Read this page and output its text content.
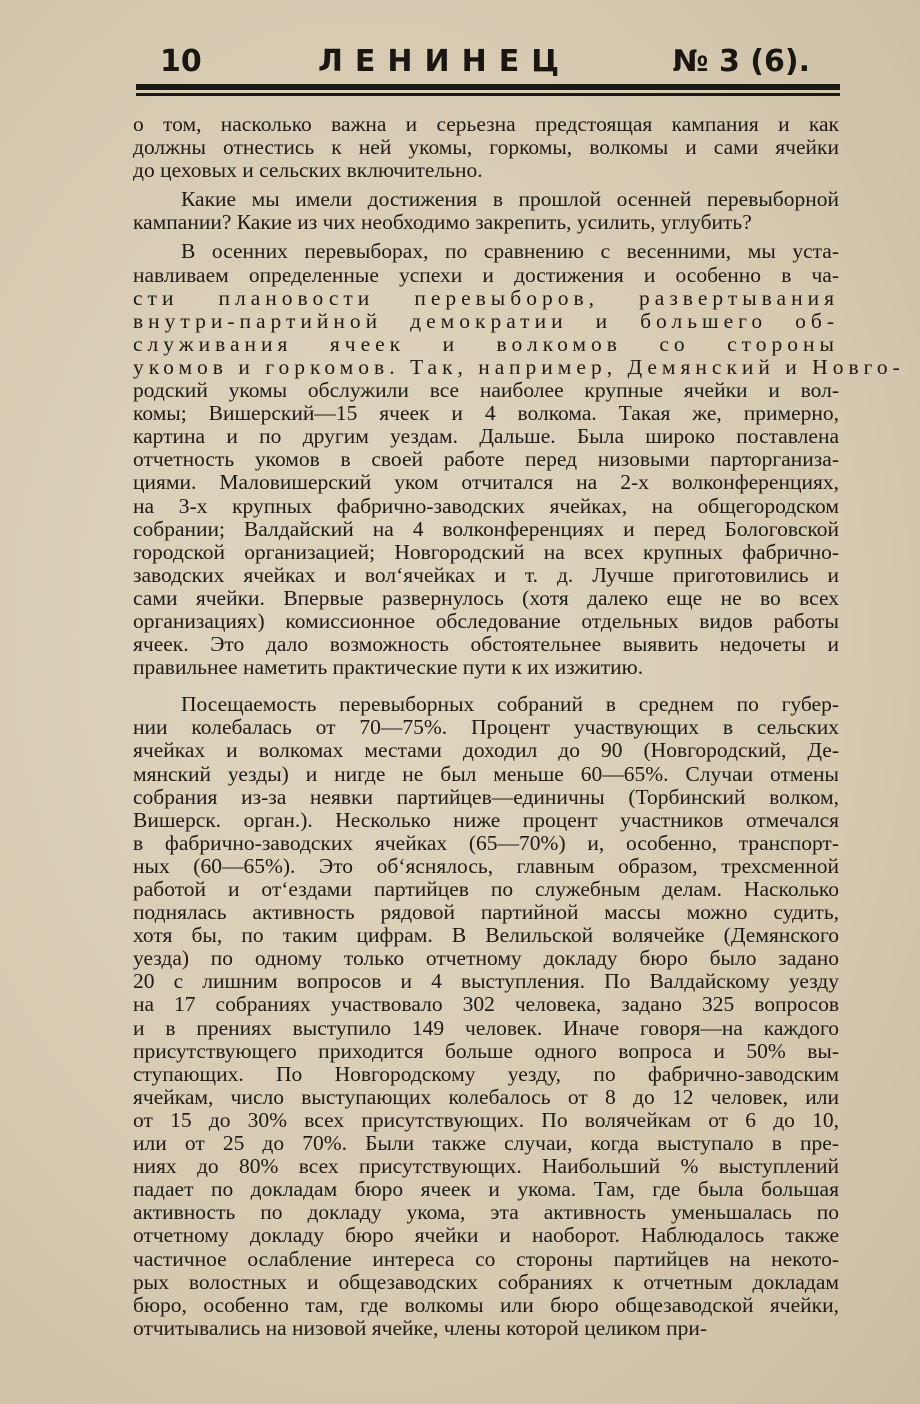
10	ЛЕНИНЕЦ	№ 3 (6).
о том, насколько важна и серьезна предстоящая кампания и как
должны отнестись к ней укомы, горкомы, волкомы и сами ячейки
до цеховых и сельских включительно.
Какие мы имели достижения в прошлой осенней перевыборной
кампании? Какие из чих необходимо закрепить, усилить, углубить?
В осенних перевыборах, по сравнению с весенними, мы уста-
навливаем определенные успехи и достижения и особенно в ча-
сти плановости перевыборов, развертывания
внутри-партийной демократии и большего об-
служивания ячеек и волкомов со стороны
укомов и горкомов. Так, например, Демянский и Новго-
родский укомы обслужили все наиболее крупные ячейки и вол-
комы; Вишерский—15 ячеек и 4 волкома. Такая же, примерно,
картина и по другим уездам. Дальше. Была широко поставлена
отчетность укомов в своей работе перед низовыми парторганиза-
циями. Маловишерский уком отчитался на 2-х волконференциях,
на 3-х крупных фабрично-заводских ячейках, на общегородском
собрании; Валдайский на 4 волконференциях и перед Бологовской
городской организацией; Новгородский на всех крупных фабрично-
заводских ячейках и вол‘ячейках и т. д. Лучше приготовились и
сами ячейки. Впервые развернулось (хотя далеко еще не во всех
организациях) комиссионное обследование отдельных видов работы
ячеек. Это дало возможность обстоятельнее выявить недочеты и
правильнее наметить практические пути к их изжитию.
Посещаемость перевыборных собраний в среднем по губер-
нии колебалась от 70—75%. Процент участвующих в сельских
ячейках и волкомах местами доходил до 90 (Новгородский, Де-
мянский уезды) и нигде не был меньше 60—65%. Случаи отмены
собрания из-за неявки партийцев—единичны (Торбинский волком,
Вишерск. орган.). Несколько ниже процент участников отмечался
в фабрично-заводских ячейках (65—70%) и, особенно, транспорт-
ных (60—65%). Это об‘яснялось, главным образом, трехсменной
работой и от‘ездами партийцев по служебным делам. Насколько
поднялась активность рядовой партийной массы можно судить,
хотя бы, по таким цифрам. В Велильской волячейке (Демянского
уезда) по одному только отчетному докладу бюро было задано
20 с лишним вопросов и 4 выступления. По Валдайскому уезду
на 17 собраниях участвовало 302 человека, задано 325 вопросов
и в прениях выступило 149 человек. Иначе говоря—на каждого
присутствующего приходится больше одного вопроса и 50% вы-
ступающих. По Новгородскому уезду, по фабрично-заводским
ячейкам, число выступающих колебалось от 8 до 12 человек, или
от 15 до 30% всех присутствующих. По волячейкам от 6 до 10,
или от 25 до 70%. Были также случаи, когда выступало в пре-
ниях до 80% всех присутствующих. Наибольший % выступлений
падает по докладам бюро ячеек и укома. Там, где была большая
активность по докладу укома, эта активность уменьшалась по
отчетному докладу бюро ячейки и наоборот. Наблюдалось также
частичное ослабление интереса со стороны партийцев на некото-
рых волостных и общезаводских собраниях к отчетным докладам
бюро, особенно там, где волкомы или бюро общезаводской ячейки,
отчитывались на низовой ячейке, члены которой целиком при-
